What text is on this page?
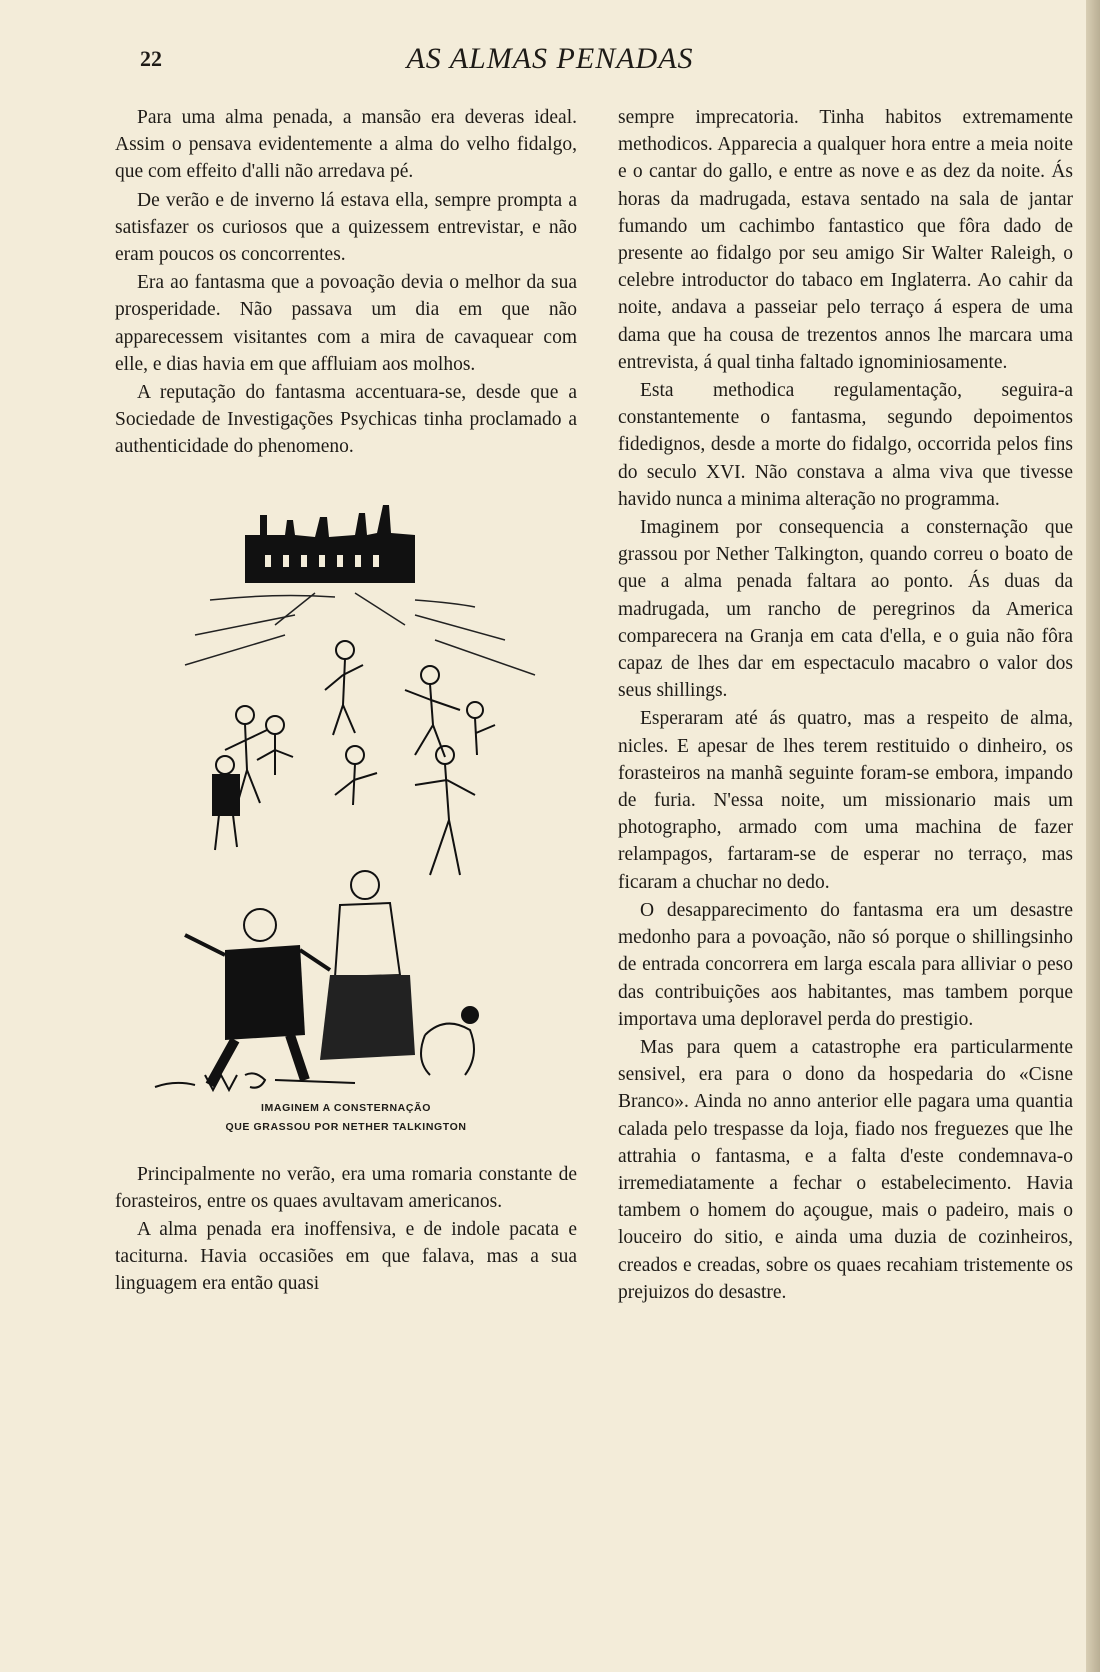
22	AS ALMAS PENADAS

Para uma alma penada, a mansão era deveras ideal. Assim o pensava evidentemente a alma do velho fidalgo, que com effeito d'alli não arredava pé.

De verão e de inverno lá estava ella, sempre prompta a satisfazer os curiosos que a quizessem entrevistar, e não eram poucos os concorrentes.

Era ao fantasma que a povoação devia o melhor da sua prosperidade. Não passava um dia em que não apparecessem visitantes com a mira de cavaquear com elle, e dias havia em que affluiam aos molhos.

A reputação do fantasma accentuara-se, desde que a Sociedade de Investigações Psychicas tinha proclamado a authenticidade do phenomeno.

IMAGINEM A CONSTERNAÇÃO
QUE GRASSOU POR NETHER TALKINGTON

Principalmente no verão, era uma romaria constante de forasteiros, entre os quaes avultavam americanos.

A alma penada era inoffensiva, e de indole pacata e taciturna. Havia occasiões em que falava, mas a sua linguagem era então quasi

sempre imprecatoria. Tinha habitos extremamente methodicos. Apparecia a qualquer hora entre a meia noite e o cantar do gallo, e entre as nove e as dez da noite. Ás horas da madrugada, estava sentado na sala de jantar fumando um cachimbo fantastico que fôra dado de presente ao fidalgo por seu amigo Sir Walter Raleigh, o celebre introductor do tabaco em Inglaterra. Ao cahir da noite, andava a passeiar pelo terraço á espera de uma dama que ha cousa de trezentos annos lhe marcara uma entrevista, á qual tinha faltado ignominiosamente.

Esta methodica regulamentação, seguira-a constantemente o fantasma, segundo depoimentos fidedignos, desde a morte do fidalgo, occorrida pelos fins do seculo XVI. Não constava a alma viva que tivesse havido nunca a minima alteração no programma.

Imaginem por consequencia a consternação que grassou por Nether Talkington, quando correu o boato de que a alma penada faltara ao ponto. Ás duas da madrugada, um rancho de peregrinos da America comparecera na Granja em cata d'ella, e o guia não fôra capaz de lhes dar em espectaculo macabro o valor dos seus shillings.

Esperaram até ás quatro, mas a respeito de alma, nicles. E apesar de lhes terem restituido o dinheiro, os forasteiros na manhã seguinte foram-se embora, impando de furia. N'essa noite, um missionario mais um photographo, armado com uma machina de fazer relampagos, fartaram-se de esperar no terraço, mas ficaram a chuchar no dedo.

O desapparecimento do fantasma era um desastre medonho para a povoação, não só porque o shillingsinho de entrada concorrera em larga escala para alliviar o peso das contribuições aos habitantes, mas tambem porque importava uma deploravel perda do prestigio.

Mas para quem a catastrophe era particularmente sensivel, era para o dono da hospedaria do «Cisne Branco». Ainda no anno anterior elle pagara uma quantia calada pelo trespasse da loja, fiado nos freguezes que lhe attrahia o fantasma, e a falta d'este condemnava-o irremediatamente a fechar o estabelecimento. Havia tambem o homem do açougue, mais o padeiro, mais o louceiro do sitio, e ainda uma duzia de cozinheiros, creados e creadas, sobre os quaes recahiam tristemente os prejuizos do desastre.
